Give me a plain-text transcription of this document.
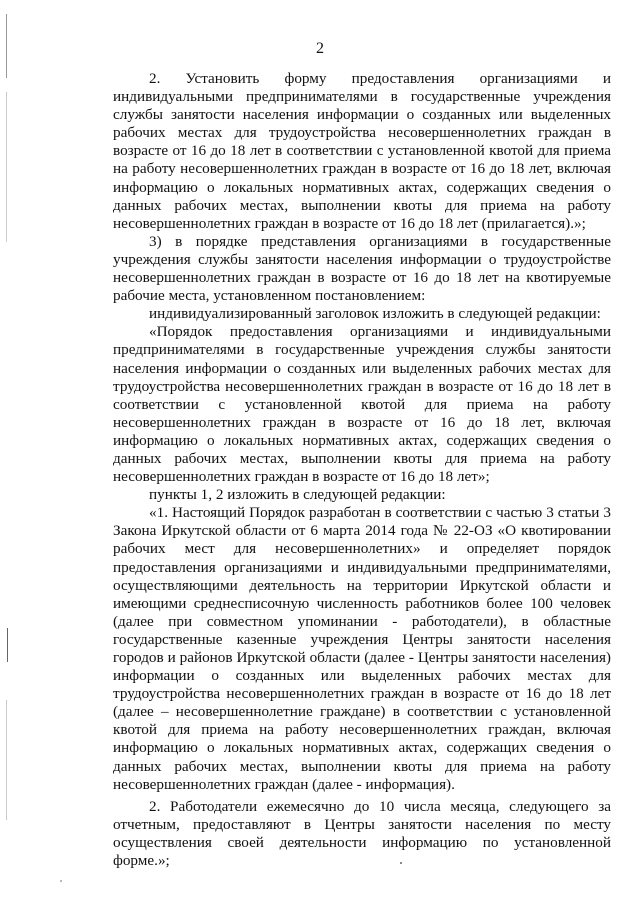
2

2. Установить форму предоставления организациями и индивидуальными предпринимателями в государственные учреждения службы занятости населения информации о созданных или выделенных рабочих местах для трудоустройства несовершеннолетних граждан в возрасте от 16 до 18 лет в соответствии с установленной квотой для приема на работу несовершеннолетних граждан в возрасте от 16 до 18 лет, включая информацию о локальных нормативных актах, содержащих сведения о данных рабочих местах, выполнении квоты для приема на работу несовершеннолетних граждан в возрасте от 16 до 18 лет (прилагается).»;

3) в порядке представления организациями в государственные учреждения службы занятости населения информации о трудоустройстве несовершеннолетних граждан в возрасте от 16 до 18 лет на квотируемые рабочие места, установленном постановлением:

индивидуализированный заголовок изложить в следующей редакции:

«Порядок предоставления организациями и индивидуальными предпринимателями в государственные учреждения службы занятости населения информации о созданных или выделенных рабочих местах для трудоустройства несовершеннолетних граждан в возрасте от 16 до 18 лет в соответствии с установленной квотой для приема на работу несовершеннолетних граждан в возрасте от 16 до 18 лет, включая информацию о локальных нормативных актах, содержащих сведения о данных рабочих местах, выполнении квоты для приема на работу несовершеннолетних граждан в возрасте от 16 до 18 лет»;

пункты 1, 2 изложить в следующей редакции:

«1. Настоящий Порядок разработан в соответствии с частью 3 статьи 3 Закона Иркутской области от 6 марта 2014 года № 22-ОЗ «О квотировании рабочих мест для несовершеннолетних» и определяет порядок предоставления организациями и индивидуальными предпринимателями, осуществляющими деятельность на территории Иркутской области и имеющими среднесписочную численность работников более 100 человек (далее при совместном упоминании - работодатели), в областные государственные казенные учреждения Центры занятости населения городов и районов Иркутской области (далее - Центры занятости населения) информации о созданных или выделенных рабочих местах для трудоустройства несовершеннолетних граждан в возрасте от 16 до 18 лет (далее – несовершеннолетние граждане) в соответствии с установленной квотой для приема на работу несовершеннолетних граждан, включая информацию о локальных нормативных актах, содержащих сведения о данных рабочих местах, выполнении квоты для приема на работу несовершеннолетних граждан (далее - информация).

2. Работодатели ежемесячно до 10 числа месяца, следующего за отчетным, предоставляют в Центры занятости населения по месту осуществления своей деятельности информацию по установленной форме.»;
